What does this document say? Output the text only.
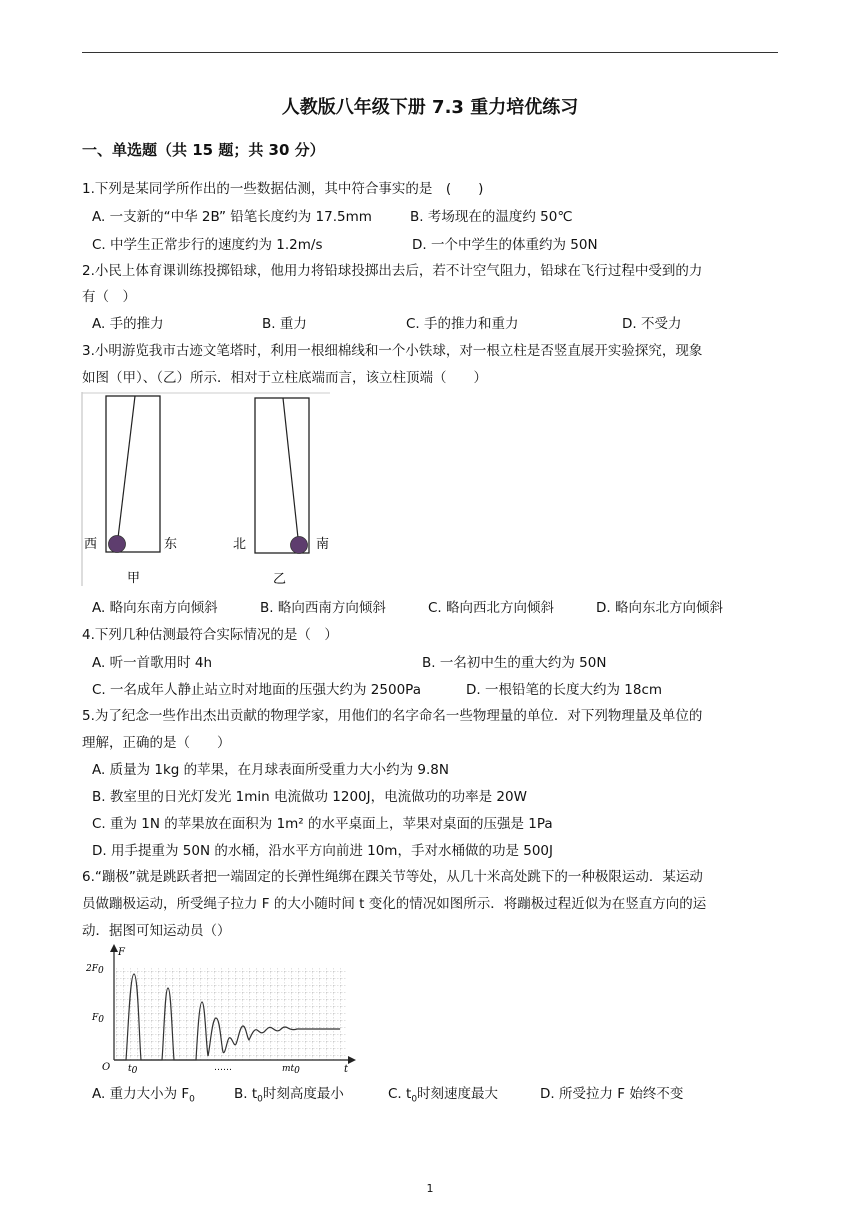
人教版八年级下册 7.3 重力培优练习
一、单选题（共 15 题；共 30 分）
1.下列是某同学所作出的一些数据估测，其中符合事实的是　(　　)
A. 一支新的“中华 2B” 铅笔长度约为 17.5mm	B. 考场现在的温度约 50℃
C. 中学生正常步行的速度约为 1.2m/s	D. 一个中学生的体重约为 50N
2.小民上体育课训练投掷铅球，他用力将铅球投掷出去后，若不计空气阻力，铅球在飞行过程中受到的力
有（　）
A. 手的推力	B. 重力	C. 手的推力和重力	D. 不受力
3.小明游览我市古迹文笔塔时，利用一根细棉线和一个小铁球，对一根立柱是否竖直展开实验探究，现象
如图（甲）、（乙）所示．相对于立柱底端而言，该立柱顶端（　　）
西	东	北	南
甲	乙
A. 略向东南方向倾斜	B. 略向西南方向倾斜	C. 略向西北方向倾斜	D. 略向东北方向倾斜
4.下列几种估测最符合实际情况的是（　）
A. 听一首歌用时 4h	B. 一名初中生的重大约为 50N
C. 一名成年人静止站立时对地面的压强大约为 2500Pa	D. 一根铅笔的长度大约为 18cm
5.为了纪念一些作出杰出贡献的物理学家，用他们的名字命名一些物理量的单位．对下列物理量及单位的
理解，正确的是（　　）
A. 质量为 1kg 的苹果，在月球表面所受重力大小约为 9.8N
B. 教室里的日光灯发光 1min 电流做功 1200J，电流做功的功率是 20W
C. 重为 1N 的苹果放在面积为 1m² 的水平桌面上，苹果对桌面的压强是 1Pa
D. 用手提重为 50N 的水桶，沿水平方向前进 10m，手对水桶做的功是 500J
6.“蹦极”就是跳跃者把一端固定的长弹性绳绑在踝关节等处，从几十米高处跳下的一种极限运动．某运动
员做蹦极运动，所受绳子拉力 F 的大小随时间 t 变化的情况如图所示．将蹦极过程近似为在竖直方向的运
动．据图可知运动员（）
F
2F0
F0
O t0	……	mt0	t
A. 重力大小为 $F_0$	B. $t_0$时刻高度最小	C. $t_0$时刻速度最大	D. 所受拉力 F 始终不变
1
